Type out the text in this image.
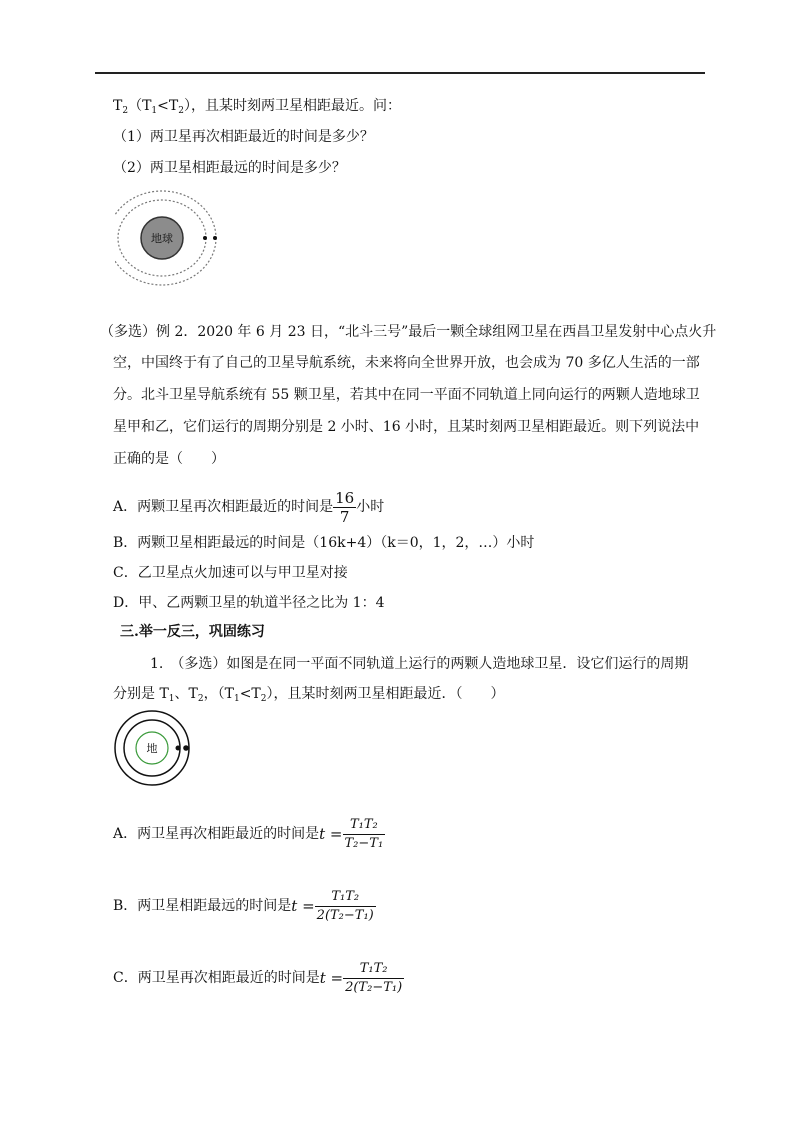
$T_2(T_1<T_2)$，且某时刻两卫星相距最近。问：
（1）两卫星再次相距最近的时间是多少？
（2）两卫星相距最远的时间是多少？
地球
（多选）例 2．2020 年 6 月 23 日，“北斗三号”最后一颗全球组网卫星在西昌卫星发射中心点火升
空，中国终于有了自己的卫星导航系统，未来将向全世界开放，也会成为 70 多亿人生活的一部
分。北斗卫星导航系统有 55 颗卫星，若其中在同一平面不同轨道上同向运行的两颗人造地球卫
星甲和乙，它们运行的周期分别是 2 小时、16 小时，且某时刻两卫星相距最近。则下列说法中
正确的是（　　）
A．两颗卫星再次相距最近的时间是 $\frac{16}{7}$ 小时
B．两颗卫星相距最远的时间是（16k+4）（k＝0，1，2，…）小时
C．乙卫星点火加速可以与甲卫星对接
D．甲、乙两颗卫星的轨道半径之比为 1：4
三.举一反三，巩固练习
1.　（多选）如图是在同一平面不同轨道上运行的两颗人造地球卫星．设它们运行的周期
分别是 $T_1$、$T_2$，$(T_1<T_2)$，且某时刻两卫星相距最近．（　　）
地
A．两卫星再次相距最近的时间是$t = \frac{\text{T₁T₂}}{\text{T₂−T₁}}$
B．两卫星相距最远的时间是$t = \frac{\text{T₁T₂}}{\text{2(T₂−T₁)}}$
C．两卫星再次相距最近的时间是$t = \frac{\text{T₁T₂}}{\text{2(T₂−T₁)}}$
